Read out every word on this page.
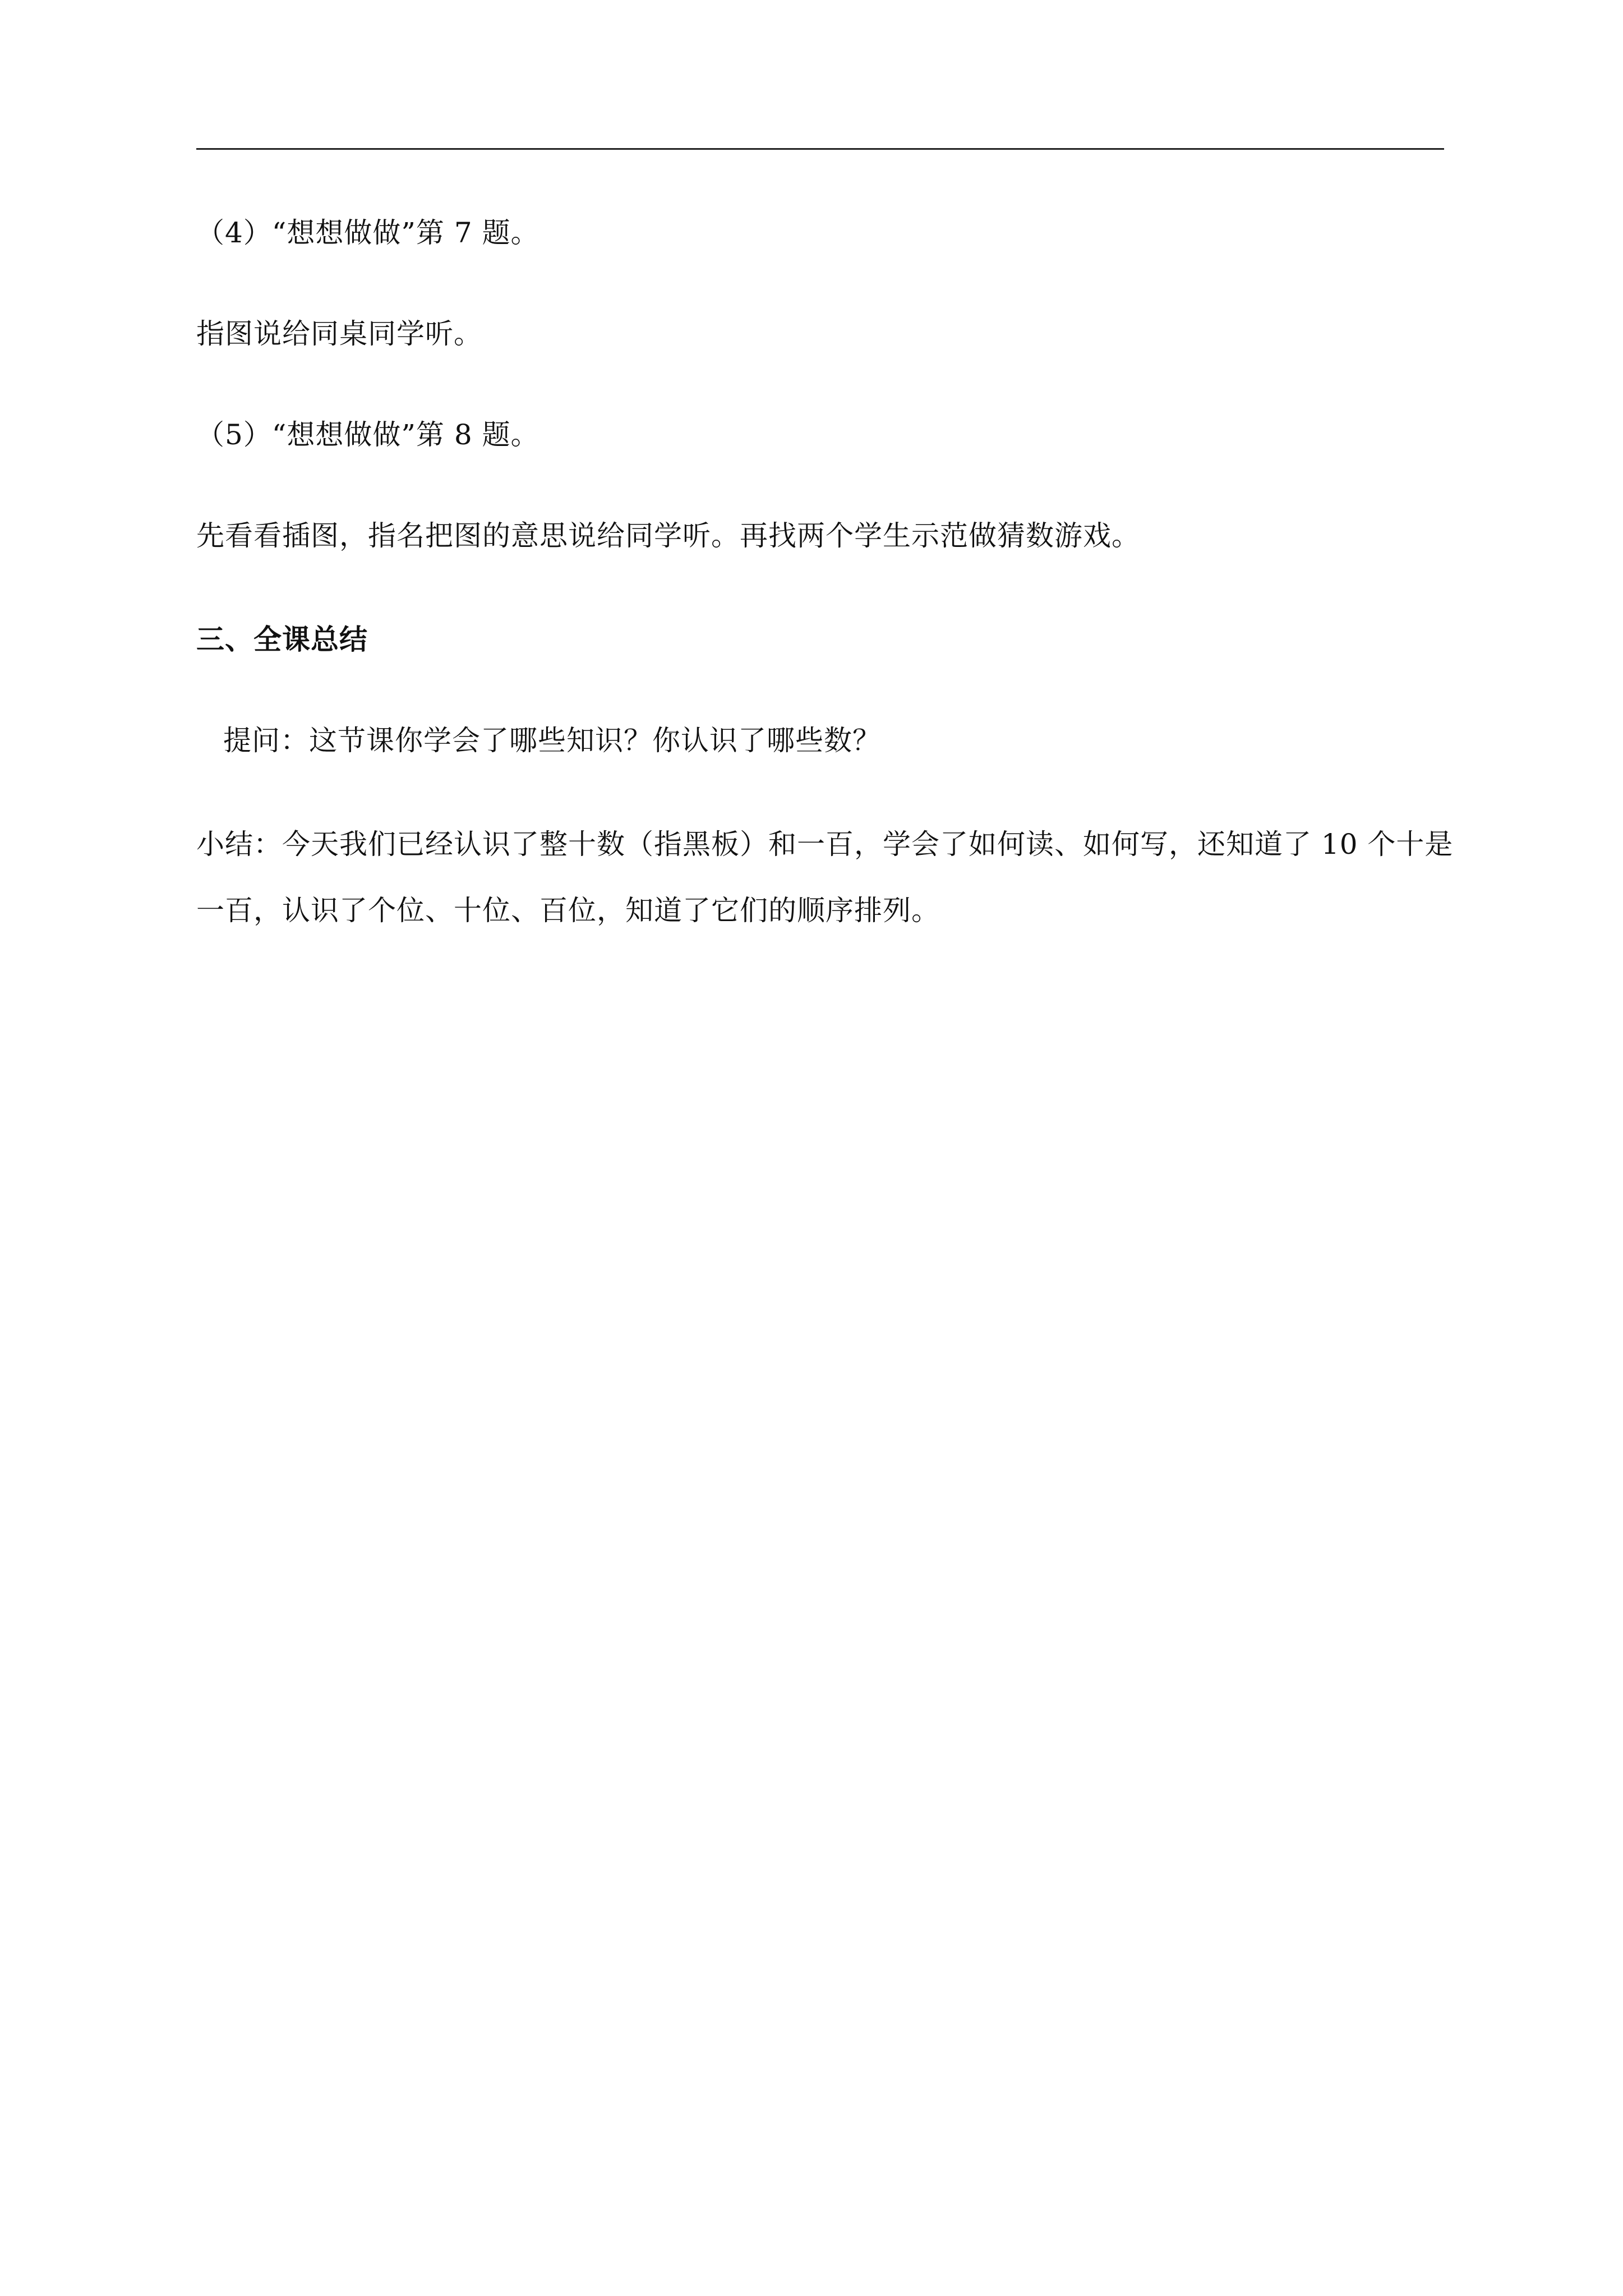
（4）“想想做做”第 7 题。
指图说给同桌同学听。
（5）“想想做做”第 8 题。
先看看插图，指名把图的意思说给同学听。再找两个学生示范做猜数游戏。
三、全课总结
提问：这节课你学会了哪些知识？你认识了哪些数？
小结：今天我们已经认识了整十数（指黑板）和一百，学会了如何读、如何写，还知道了 10 个十是
一百，认识了个位、十位、百位，知道了它们的顺序排列。
